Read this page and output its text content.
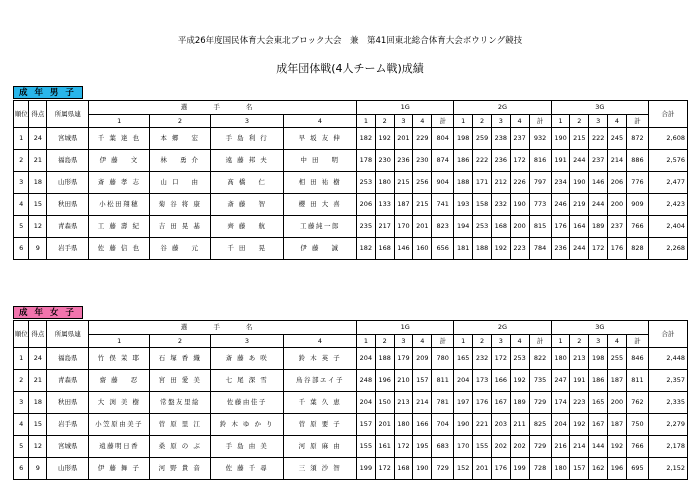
平成26年度国民体育大会東北ブロック大会　兼　第41回東北総合体育大会ボウリング競技
成年団体戦(4人チーム戦)成績
成 年 男 子
順位	得点	所属県連	選 手 名				1G					2G					3G					合計
			1	2	3	4	1	2	3	4	計	1	2	3	4	計	1	2	3	4	計	
1	24	宮城県	千 葉 達 也	本 郷　 宏	手 島 利 行	早 坂 友 伸	182	192	201	229	804	198	259	238	237	932	190	215	222	245	872	2,608
2	21	福島県	伊 藤　 文	林　 勇 介	遠 藤 邦 夫	中 田　 明	178	230	236	230	874	186	222	236	172	816	191	244	237	214	886	2,576
3	18	山形県	斎 藤 孝 志	山 口　 由	髙 橋　 仁	相 田 祐 樹	253	180	215	256	904	188	171	212	226	797	234	190	146	206	776	2,477
4	15	秋田県	小松田翔穂	菊 谷 将 康	斎 藤　 智	櫻 田 大 喜	206	133	187	215	741	193	158	232	190	773	246	219	244	200	909	2,423
5	12	青森県	工 藤 壽 紀	吉 田 晃 基	齊 藤　 航	工藤純一郎	235	217	170	201	823	194	253	168	200	815	176	164	189	237	766	2,404
6	9	岩手県	佐 藤 信 也	谷 藤　 元	千 田　 晃	伊 藤　 誠	182	168	146	160	656	181	188	192	223	784	236	244	172	176	828	2,268
成 年 女 子
順位	得点	所属県連	選 手 名				1G					2G					3G					合計
			1	2	3	4	1	2	3	4	計	1	2	3	4	計	1	2	3	4	計	
1	24	福島県	竹 俣 茉 耶	石 塚 香 織	斎 藤 あ 咲	鈴 木 英 子	204	188	179	209	780	165	232	172	253	822	180	213	198	255	846	2,448
2	21	青森県	齋 藤　 忍	宮 田 愛 美	七 尾 深 雪	鳥谷部エイ子	248	196	210	157	811	204	173	166	192	735	247	191	186	187	811	2,357
3	18	秋田県	大 渕 美 樹	常盤友里絵	佐藤由佳子	千 葉 久 恵	204	150	213	214	781	197	176	167	189	729	174	223	165	200	762	2,335
4	15	岩手県	小笠原由美子	菅 原 里 江	鈴 木 ゆ か り	菅 原 要 子	157	201	180	166	704	190	221	203	211	825	204	192	167	187	750	2,279
5	12	宮城県	遠藤明日香	桑 原 の ぶ	手 島 由 美	河 原 麻 由	155	161	172	195	683	170	155	202	202	729	216	214	144	192	766	2,178
6	9	山形県	伊 藤 舞 子	河 野 貴 音	佐 藤 千 尋	三 須 沙 智	199	172	168	190	729	152	201	176	199	728	180	157	162	196	695	2,152
